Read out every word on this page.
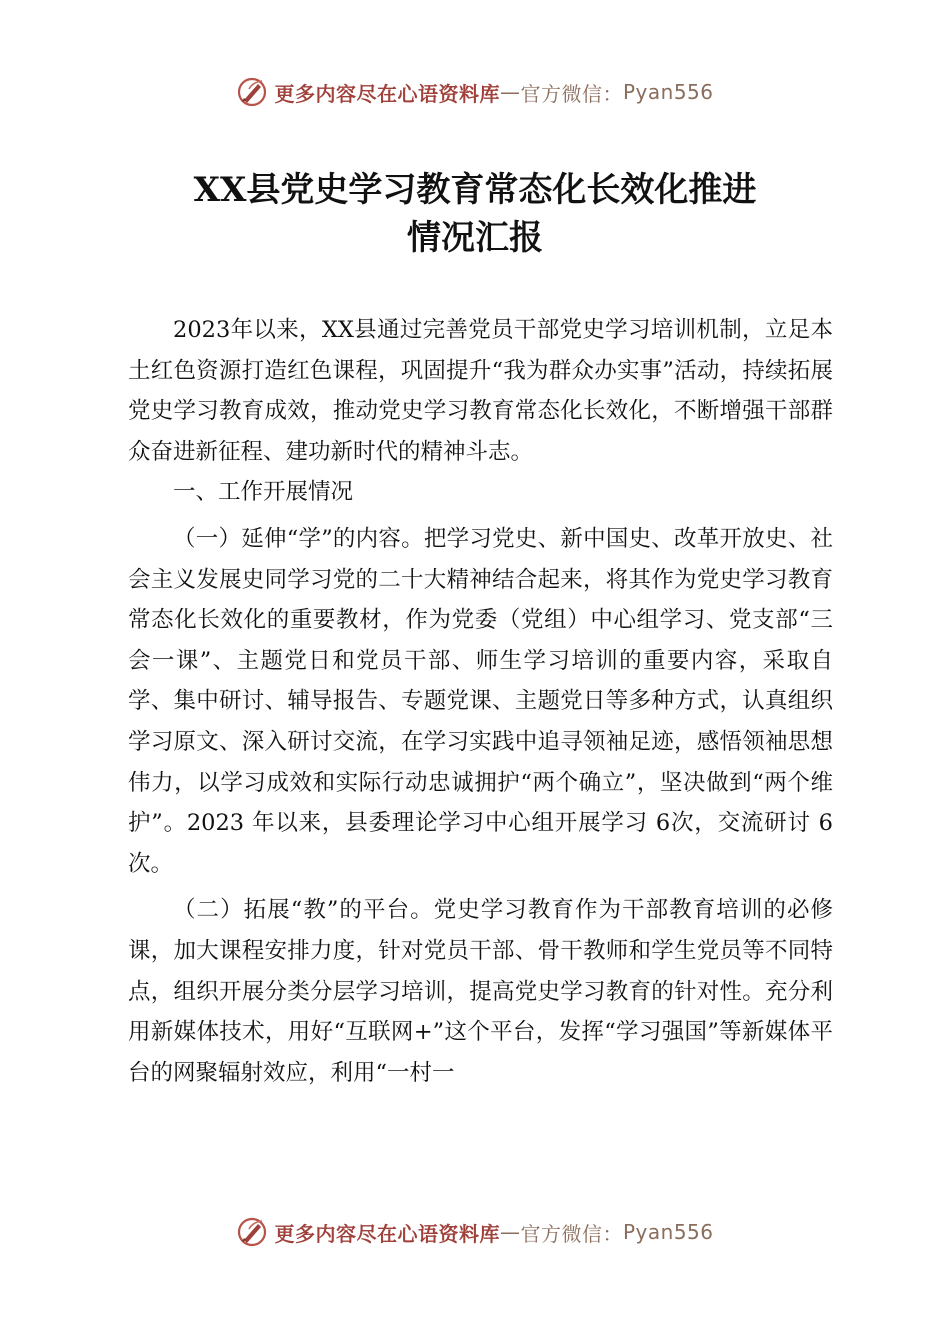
更多内容尽在心语资料库 — 官方微信： Pyan556
XX县党史学习教育常态化长效化推进
情况汇报

2023年以来，XX县通过完善党员干部党史学习培训机制，立足本土红色资源打造红色课程，巩固提升“我为群众办实事”活动，持续拓展党史学习教育成效，推动党史学习教育常态化长效化，不断增强干部群众奋进新征程、建功新时代的精神斗志。

一、工作开展情况

（一）延伸“学”的内容。把学习党史、新中国史、改革开放史、社会主义发展史同学习党的二十大精神结合起来，将其作为党史学习教育常态化长效化的重要教材，作为党委（党组）中心组学习、党支部“三会一课”、主题党日和党员干部、师生学习培训的重要内容，采取自学、集中研讨、辅导报告、专题党课、主题党日等多种方式，认真组织学习原文、深入研讨交流，在学习实践中追寻领袖足迹，感悟领袖思想伟力，以学习成效和实际行动忠诚拥护“两个确立”，坚决做到“两个维护”。2023 年以来，县委理论学习中心组开展学习 6次，交流研讨 6次。

（二）拓展“教”的平台。党史学习教育作为干部教育培训的必修课，加大课程安排力度，针对党员干部、骨干教师和学生党员等不同特点，组织开展分类分层学习培训，提高党史学习教育的针对性。充分利用新媒体技术，用好“互联网+”这个平台，发挥“学习强国”等新媒体平台的网聚辐射效应，利用“一村一

更多内容尽在心语资料库 — 官方微信： Pyan556
